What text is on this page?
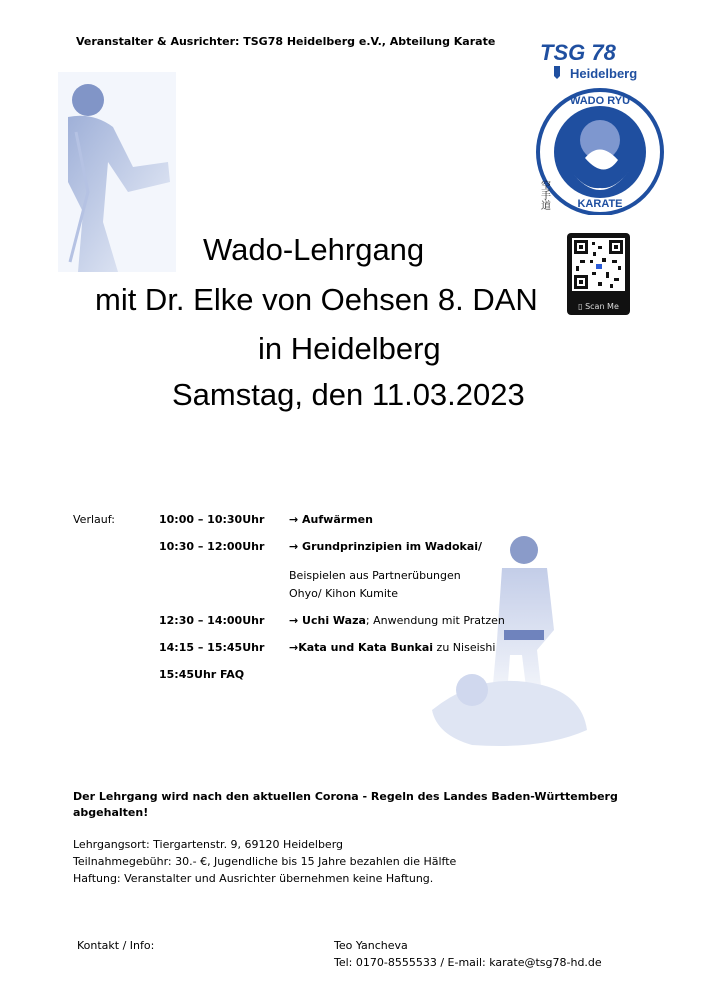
Veranstalter & Ausrichter: TSG78 Heidelberg e.V., Abteilung Karate TSG 78
Heidelberg
WADO RYU
KARATE
空手道
▯ Scan Me
Wado-Lehrgang
mit Dr. Elke von Oehsen 8. DAN
in Heidelberg
Samstag, den 11.03.2023
Verlauf:	10:00 – 10:30Uhr → Aufwärmen
10:30 – 12:00Uhr → Grundprinzipien im Wadokai/
Beispielen aus Partnerübungen
Ohyo/ Kihon Kumite
12:30 – 14:00Uhr → Uchi Waza; Anwendung mit Pratzen
14:15 – 15:45Uhr →Kata und Kata Bunkai zu Niseishi
15:45Uhr FAQ
Der Lehrgang wird nach den aktuellen Corona - Regeln des Landes Baden-Württemberg
abgehalten!
Lehrgangsort: Tiergartenstr. 9, 69120 Heidelberg
Teilnahmegebühr: 30.- €, Jugendliche bis 15 Jahre bezahlen die Hälfte
Haftung: Veranstalter und Ausrichter übernehmen keine Haftung.
Kontakt / Info:	Teo Yancheva
Tel: 0170-8555533 / E-mail: karate@tsg78-hd.de
